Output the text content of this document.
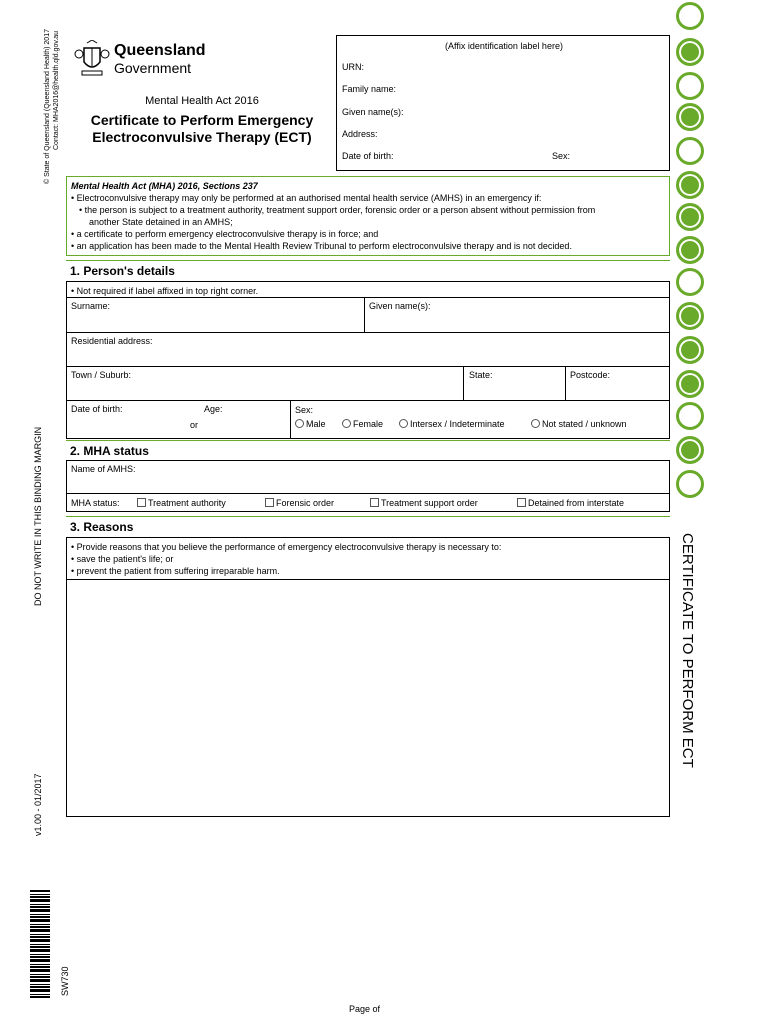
© State of Queensland (Queensland Health) 2017 Contact: MHA2016@health.qld.gov.au
DO NOT WRITE IN THIS BINDING MARGIN
v1.00 - 01/2017
SW730
Queensland
Government
Mental Health Act 2016
Certificate to Perform Emergency
Electroconvulsive Therapy (ECT)
(Affix identification label here)
URN:
Family name:
Given name(s):
Address:
Date of birth:	Sex:
Mental Health Act (MHA) 2016, Sections 237
• Electroconvulsive therapy may only be performed at an authorised mental health service (AMHS) in an emergency if:
• the person is subject to a treatment authority, treatment support order, forensic order or a person absent without permission from
another State detained in an AMHS;
• a certificate to perform emergency electroconvulsive therapy is in force; and
• an application has been made to the Mental Health Review Tribunal to perform electroconvulsive therapy and is not decided.
1. Person's details
• Not required if label affixed in top right corner.
Surname:	Given name(s):
Residential address:
Town / Suburb:	State:	Postcode:
Date of birth:	Age:
or
Sex:
Male	Female	Intersex / Indeterminate	Not stated / unknown
2. MHA status
Name of AMHS:
MHA status:	Treatment authority	Forensic order	Treatment support order	Detained from interstate
3. Reasons
• Provide reasons that you believe the performance of emergency electroconvulsive therapy is necessary to:
• save the patient's life; or
• prevent the patient from suffering irreparable harm.	CERTIFICATE TO PERFORM ECT
Page of
